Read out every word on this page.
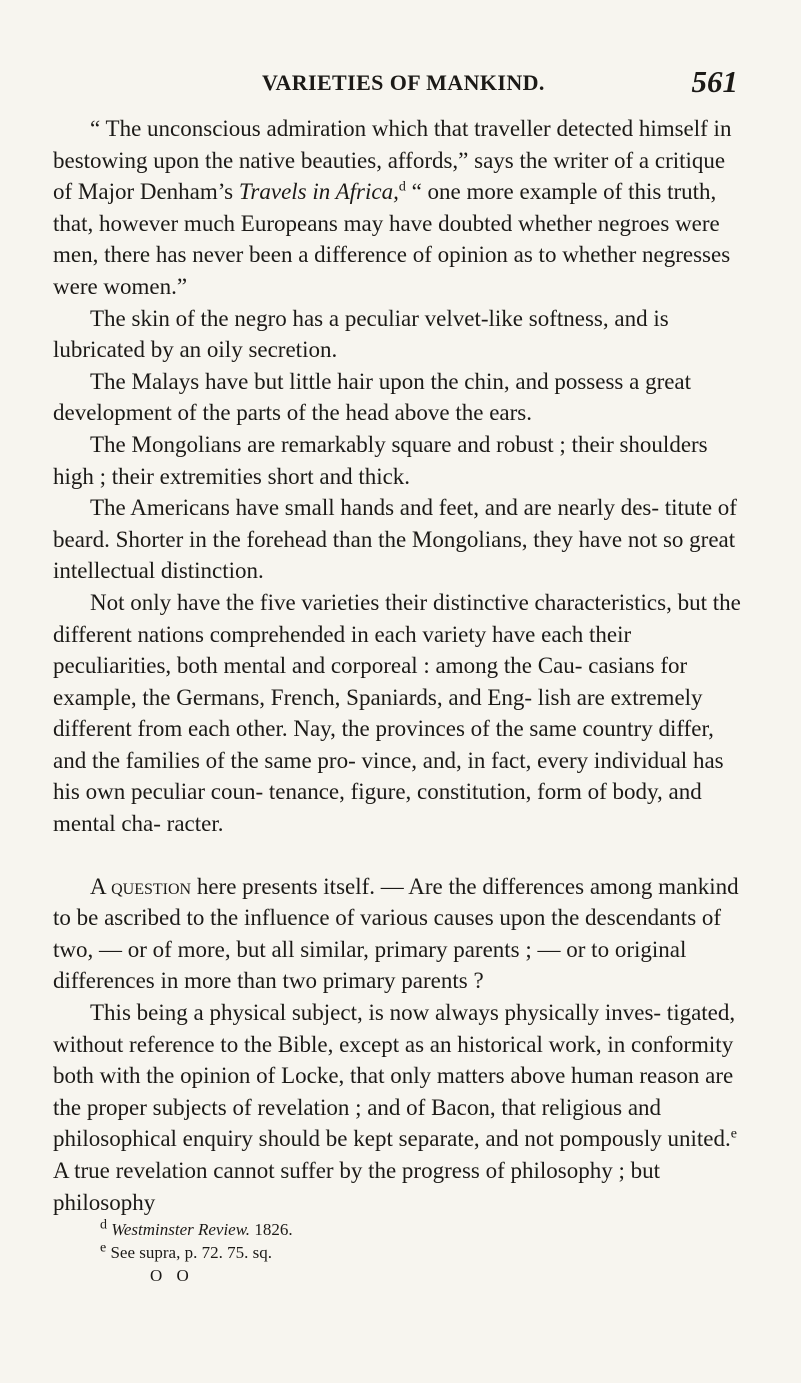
VARIETIES OF MANKIND.	561

“ The unconscious admiration which that traveller detected himself in bestowing upon the native beauties, affords,” says the writer of a critique of Major Denham’s Travels in Africa,$^d$ “ one more example of this truth, that, however much Europeans may have doubted whether negroes were men, there has never been a difference of opinion as to whether negresses were women.”

The skin of the negro has a peculiar velvet-like softness, and is lubricated by an oily secretion.

The Malays have but little hair upon the chin, and possess a great development of the parts of the head above the ears.

The Mongolians are remarkably square and robust ; their shoulders high ; their extremities short and thick.

The Americans have small hands and feet, and are nearly des- titute of beard. Shorter in the forehead than the Mongolians, they have not so great intellectual distinction.

Not only have the five varieties their distinctive characteristics, but the different nations comprehended in each variety have each their peculiarities, both mental and corporeal : among the Cau- casians for example, the Germans, French, Spaniards, and Eng- lish are extremely different from each other. Nay, the provinces of the same country differ, and the families of the same pro- vince, and, in fact, every individual has his own peculiar coun- tenance, figure, constitution, form of body, and mental cha- racter.

A question here presents itself. — Are the differences among mankind to be ascribed to the influence of various causes upon the descendants of two, — or of more, but all similar, primary parents ; — or to original differences in more than two primary parents ?

This being a physical subject, is now always physically inves- tigated, without reference to the Bible, except as an historical work, in conformity both with the opinion of Locke, that only matters above human reason are the proper subjects of revelation ; and of Bacon, that religious and philosophical enquiry should be kept separate, and not pompously united.$^e$ A true revelation cannot suffer by the progress of philosophy ; but philosophy

$^d$ Westminster Review. 1826.
$^e$ See supra, p. 72. 75. sq.
O O
